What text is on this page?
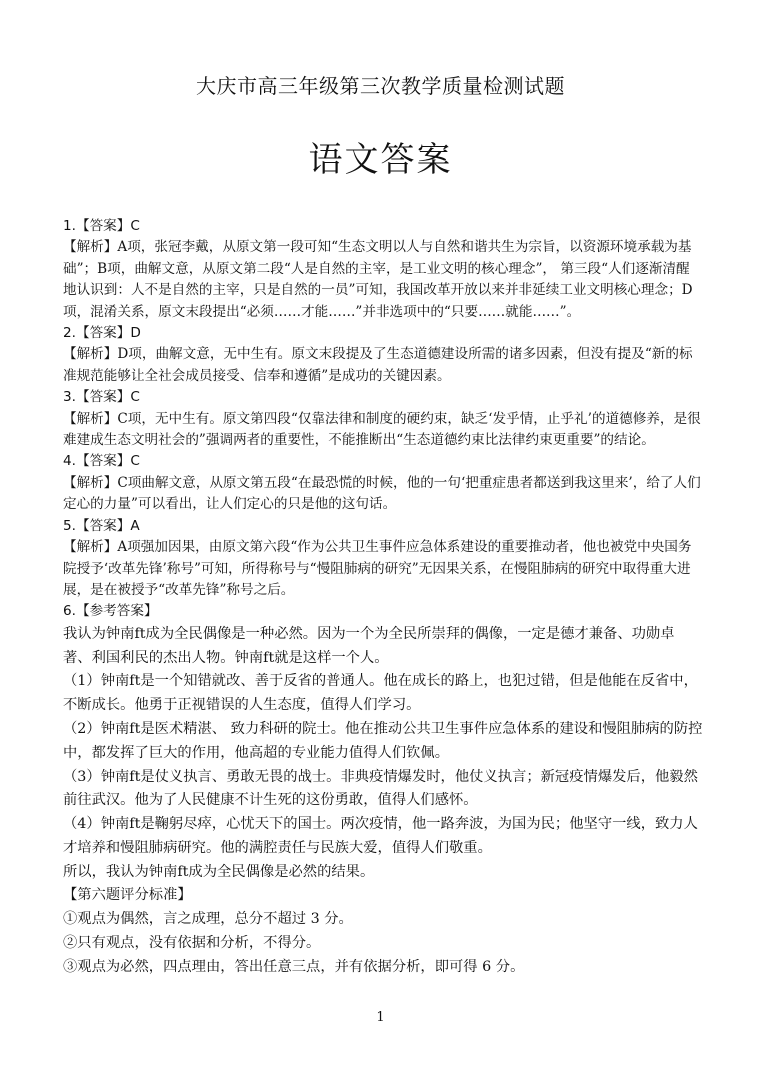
大庆市高三年级第三次教学质量检测试题
语文答案

1.【答案】C

【解析】A项，张冠李戴，从原文第一段可知“生态文明以人与自然和谐共生为宗旨，以资源环境承载为基础”；B项，曲解文意，从原文第二段“人是自然的主宰，是工业文明的核心理念”， 第三段“人们逐渐清醒地认识到：人不是自然的主宰，只是自然的一员”可知，我国改革开放以来并非延续工业文明核心理念；D项，混淆关系，原文末段提出“必须……才能……”并非选项中的“只要……就能……”。

2.【答案】D

【解析】D项，曲解文意，无中生有。原文末段提及了生态道德建设所需的诸多因素，但没有提及“新的标准规范能够让全社会成员接受、信奉和遵循”是成功的关键因素。

3.【答案】C

【解析】C项，无中生有。原文第四段“仅靠法律和制度的硬约束，缺乏‘发乎情，止乎礼’的道德修养，是很难建成生态文明社会的”强调两者的重要性，不能推断出“生态道德约束比法律约束更重要”的结论。

4.【答案】C

【解析】C项曲解文意，从原文第五段“在最恐慌的时候，他的一句‘把重症患者都送到我这里来’，给了人们定心的力量”可以看出，让人们定心的只是他的这句话。

5.【答案】A

【解析】A项强加因果，由原文第六段“作为公共卫生事件应急体系建设的重要推动者，他也被党中央国务院授予‘改革先锋’称号”可知，所得称号与“慢阻肺病的研究”无因果关系，在慢阻肺病的研究中取得重大进展，是在被授予“改革先锋”称号之后。

6.【参考答案】

我认为钟南ft成为全民偶像是一种必然。因为一个为全民所崇拜的偶像，一定是德才兼备、功勋卓著、利国利民的杰出人物。钟南ft就是这样一个人。

（1）钟南ft是一个知错就改、善于反省的普通人。他在成长的路上，也犯过错，但是他能在反省中，不断成长。他勇于正视错误的人生态度，值得人们学习。

（2）钟南ft是医术精湛、 致力科研的院士。他在推动公共卫生事件应急体系的建设和慢阻肺病的防控中，都发挥了巨大的作用，他高超的专业能力值得人们钦佩。

（3）钟南ft是仗义执言、勇敢无畏的战士。非典疫情爆发时，他仗义执言；新冠疫情爆发后，他毅然前往武汉。他为了人民健康不计生死的这份勇敢，值得人们感怀。

（4）钟南ft是鞠躬尽瘁，心忧天下的国士。两次疫情，他一路奔波，为国为民；他坚守一线，致力人才培养和慢阻肺病研究。他的满腔责任与民族大爱，值得人们敬重。

所以，我认为钟南ft成为全民偶像是必然的结果。

【第六题评分标准】

①观点为偶然，言之成理，总分不超过 3 分。

②只有观点，没有依据和分析，不得分。

③观点为必然，四点理由，答出任意三点，并有依据分析，即可得 6 分。

1
